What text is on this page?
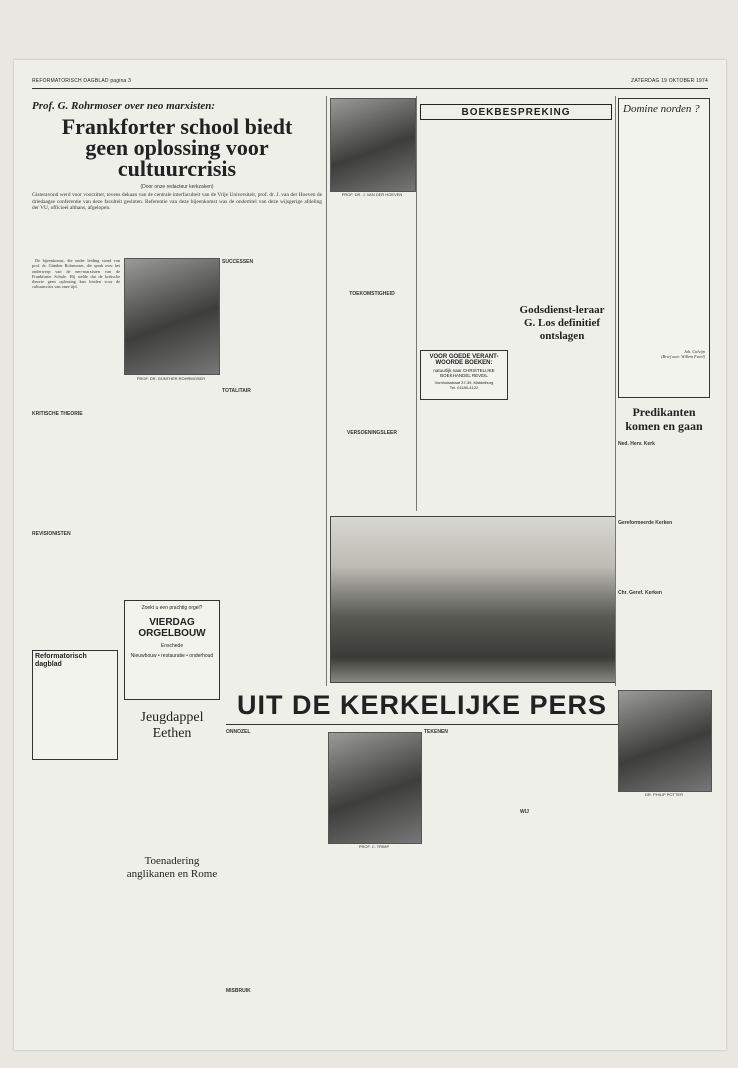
REFORMATORISCH DAGBLAD pagina 3	ZATERDAG 19 OKTOBER 1974
Prof. G. Rohrmoser over neo marxisten:
Frankforter school biedt
geen oplossing voor
cultuurcrisis
(Door onze redacteur kerkzaken)
Gisteravond werd voor voorzitter, tevens dekaan van de centrale interfaculteit van de Vrije Universiteit, prof. dr. J. van der Hoeven de driedaagse conferentie van deze faculteit gesloten. Referentie van deze bijeenkomst was de ondertitel van deze wijsgerige afdeling der VU, officieel althans, afgelopen.

De bijeenkomst, die onder leiding stond van prof. dr. Günther Rohrmoser, die sprak over het onderwerp van de neo-marxisten van de Frankfurter Schule. Hij stelde dat de kritische theorie geen oplossing kan bieden voor de cultuurcrisis van onze tijd.

PROF. DR. GÜNTHER ROHRMOSER
KRITISCHE THEORIE
REVISIONISTEN
SUCCESSEN
TOTALITAIR
Reformatorisch dagblad
Zoekt u een prachtig orgel?
VIERDAG ORGELBOUW
Enschede
Nieuwbouw • restauratie • onderhoud
Jeugdappel Eethen
Toenadering anglikanen en Rome
PROF. DR. J. VAN DER HOEVEN
TOEKOMSTIGHEID
VERSOENINGSLEER
BOEKBESPREKING
Godsdienst-leraar G. Los definitief ontslagen
VOOR GOEDE VERANT-
WOORDE BOEKEN:
natuurlijk naar CHRISTELIJKE
BOEKHANDEL REVEIL
Vomhuisstraat 37-39, Middelburg
Tel. 01180-4122
Domine norden ?
Joh. Calvijn
(Brief aan: Willem Farel)
Predikanten komen en gaan
Ned. Herv. Kerk
Gereformeerde Kerken
Chr. Geref. Kerken
UIT DE KERKELIJKE PERS
ONNOZEL
MISBRUIK
PROF. C. TRIMP
TEKENEN
WIJ
DR. PHILIP POTTER
